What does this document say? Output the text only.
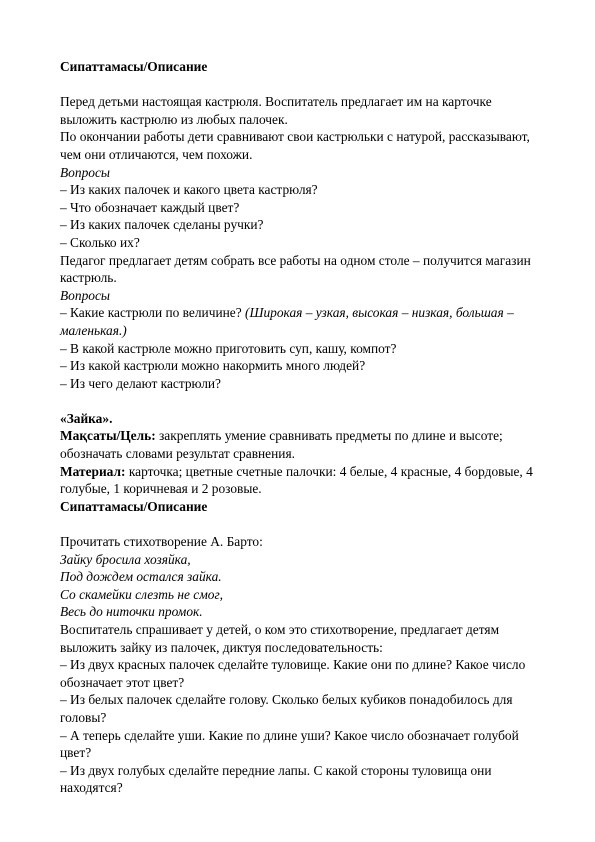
Сипаттамасы/Описание

Перед детьми настоящая кастрюля. Воспитатель предлагает им на карточке выложить кастрюлю из любых палочек.

По окончании работы дети сравнивают свои кастрюльки с натурой, рассказывают, чем они отличаются, чем похожи.

Вопросы

– Из каких палочек и какого цвета кастрюля?

– Что обозначает каждый цвет?

– Из каких палочек сделаны ручки?

– Сколько их?

Педагог предлагает детям собрать все работы на одном столе – получится магазин кастрюль.

Вопросы

– Какие кастрюли по величине? (Широкая – узкая, высокая – низкая, большая – маленькая.)

– В какой кастрюле можно приготовить суп, кашу, компот?

– Из какой кастрюли можно накормить много людей?

– Из чего делают кастрюли?

«Зайка».

Мақсаты/Цель: закреплять умение сравнивать предметы по длине и высоте; обозначать словами результат сравнения.

Материал: карточка; цветные счетные палочки: 4 белые, 4 красные, 4 бордовые, 4 голубые, 1 коричневая и 2 розовые.

Сипаттамасы/Описание

Прочитать стихотворение А. Барто:

Зайку бросила хозяйка,

Под дождем остался зайка.

Со скамейки слезть не смог,

Весь до ниточки промок.

Воспитатель спрашивает у детей, о ком это стихотворение, предлагает детям выложить зайку из палочек, диктуя последовательность:

– Из двух красных палочек сделайте туловище. Какие они по длине? Какое число обозначает этот цвет?

– Из белых палочек сделайте голову. Сколько белых кубиков понадобилось для головы?

– А теперь сделайте уши. Какие по длине уши? Какое число обозначает голубой цвет?

– Из двух голубых сделайте передние лапы. С какой стороны туловища они находятся?
